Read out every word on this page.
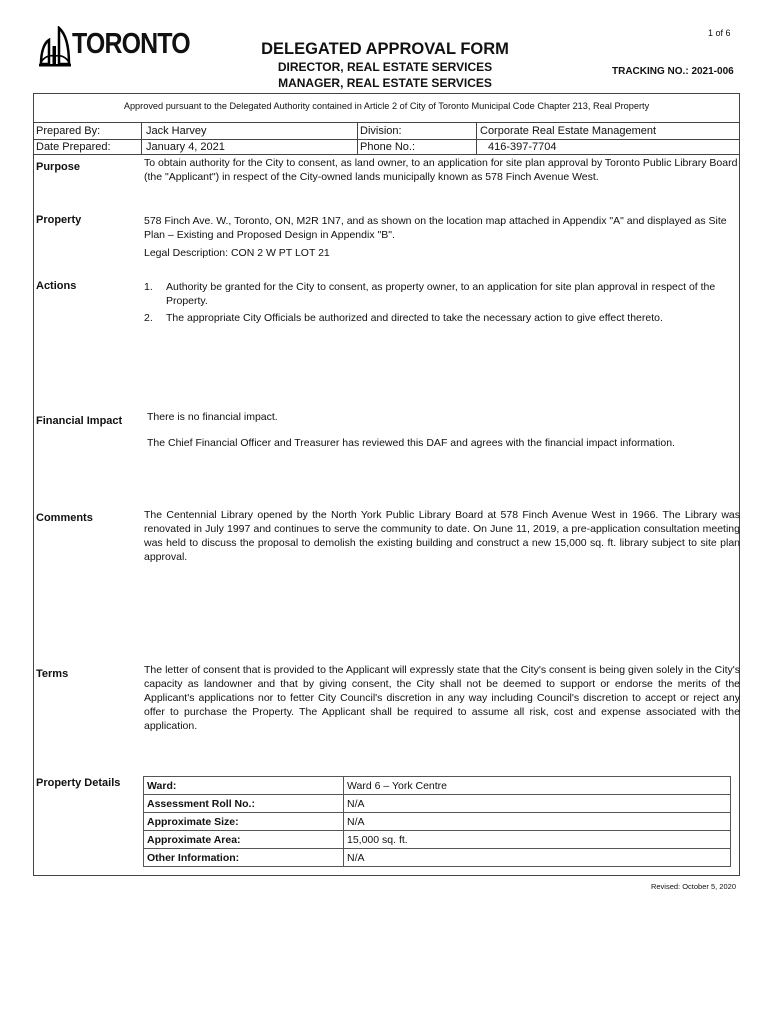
1 of 6
TORONTO	DELEGATED APPROVAL FORM
DIRECTOR, REAL ESTATE SERVICES
MANAGER, REAL ESTATE SERVICES
TRACKING NO.: 2021-006
Approved pursuant to the Delegated Authority contained in Article 2 of City of Toronto Municipal Code Chapter 213, Real Property
Prepared By:	Jack Harvey	Division:	Corporate Real Estate Management
Date Prepared:	January 4, 2021	Phone No.:	416-397-7704
Purpose	To obtain authority for the City to consent, as land owner, to an application for site plan approval by Toronto Public Library Board (the "Applicant") in respect of the City-owned lands municipally known as 578 Finch Avenue West.
Property	578 Finch Ave. W., Toronto, ON, M2R 1N7, and as shown on the location map attached in Appendix "A" and displayed as Site Plan – Existing and Proposed Design in Appendix "B".
Legal Description: CON 2 W PT LOT 21
Actions	1. Authority be granted for the City to consent, as property owner, to an application for site plan approval in respect of the Property.
2. The appropriate City Officials be authorized and directed to take the necessary action to give effect thereto.
Financial Impact There is no financial impact.
The Chief Financial Officer and Treasurer has reviewed this DAF and agrees with the financial impact information.
Comments	The Centennial Library opened by the North York Public Library Board at 578 Finch Avenue West in 1966. The Library was renovated in July 1997 and continues to serve the community to date. On June 11, 2019, a pre-application consultation meeting was held to discuss the proposal to demolish the existing building and construct a new 15,000 sq. ft. library subject to site plan approval.
Terms	The letter of consent that is provided to the Applicant will expressly state that the City's consent is being given solely in the City's capacity as landowner and that by giving consent, the City shall not be deemed to support or endorse the merits of the Applicant's applications nor to fetter City Council's discretion in any way including Council's discretion to accept or reject any offer to purchase the Property. The Applicant shall be required to assume all risk, cost and expense associated with the application.
Property Details	Ward:	Ward 6 – York Centre
Assessment Roll No.:	N/A
Approximate Size:	N/A
Approximate Area:	15,000 sq. ft.
Other Information:	N/A
Revised: October 5, 2020
